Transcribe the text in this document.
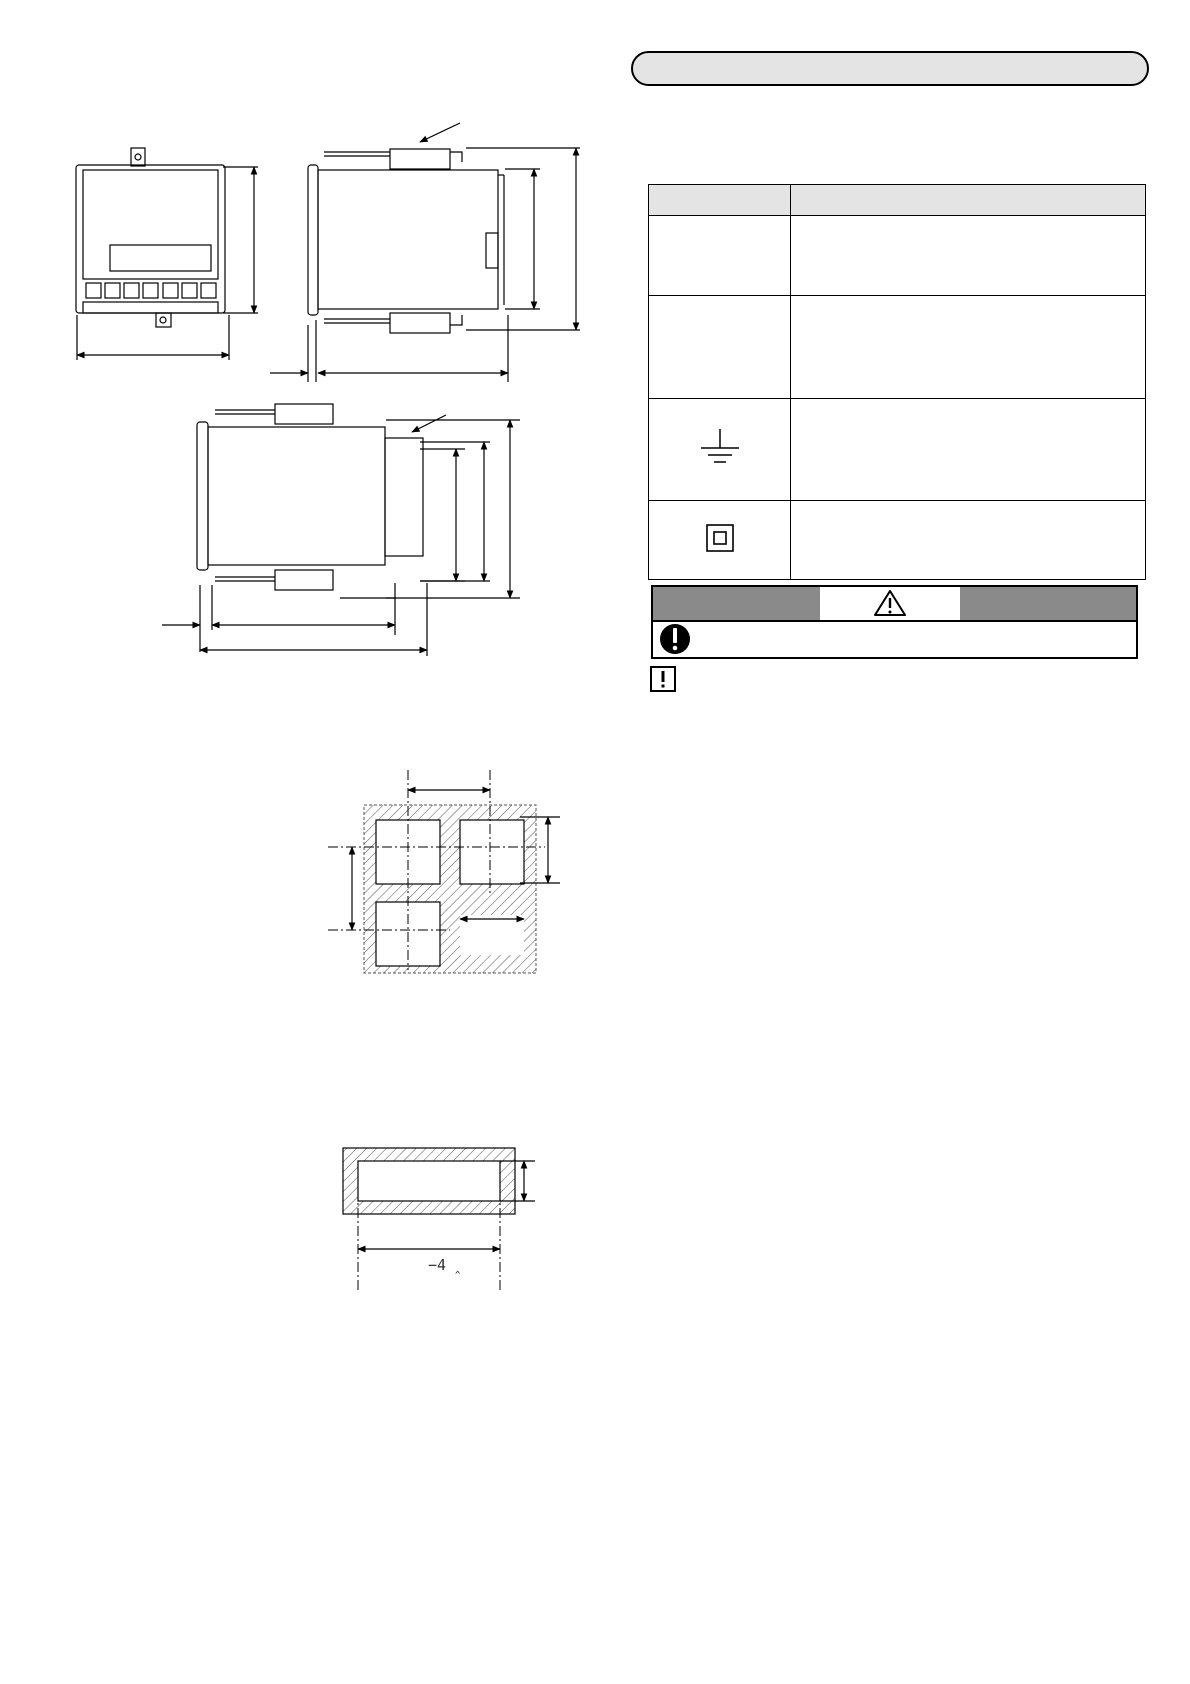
−4 ‸
